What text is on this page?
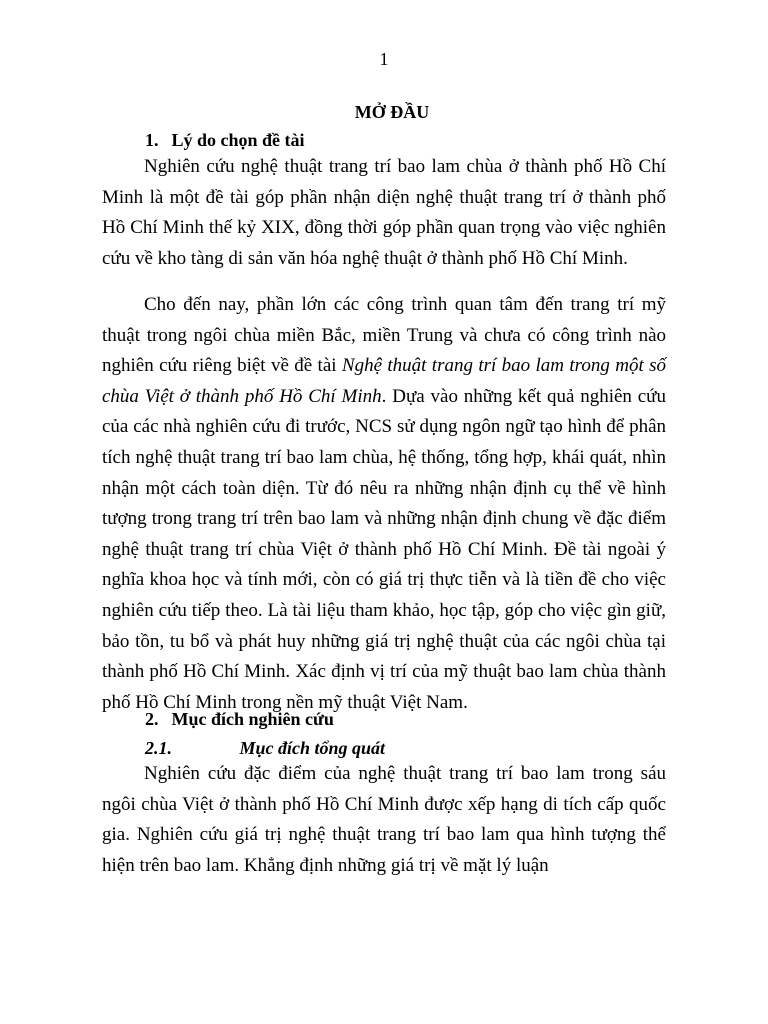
1
MỞ ĐẦU
1. Lý do chọn đề tài

Nghiên cứu nghệ thuật trang trí bao lam chùa ở thành phố Hồ Chí Minh là một đề tài góp phần nhận diện nghệ thuật trang trí ở thành phố Hồ Chí Minh thế kỷ XIX, đồng thời góp phần quan trọng vào việc nghiên cứu về kho tàng di sản văn hóa nghệ thuật ở thành phố Hồ Chí Minh.

Cho đến nay, phần lớn các công trình quan tâm đến trang trí mỹ thuật trong ngôi chùa miền Bắc, miền Trung và chưa có công trình nào nghiên cứu riêng biệt về đề tài Nghệ thuật trang trí bao lam trong một số chùa Việt ở thành phố Hồ Chí Minh. Dựa vào những kết quả nghiên cứu của các nhà nghiên cứu đi trước, NCS sử dụng ngôn ngữ tạo hình để phân tích nghệ thuật trang trí bao lam chùa, hệ thống, tổng hợp, khái quát, nhìn nhận một cách toàn diện. Từ đó nêu ra những nhận định cụ thể về hình tượng trong trang trí trên bao lam và những nhận định chung về đặc điểm nghệ thuật trang trí chùa Việt ở thành phố Hồ Chí Minh. Đề tài ngoài ý nghĩa khoa học và tính mới, còn có giá trị thực tiễn và là tiền đề cho việc nghiên cứu tiếp theo. Là tài liệu tham khảo, học tập, góp cho việc gìn giữ, bảo tồn, tu bổ và phát huy những giá trị nghệ thuật của các ngôi chùa tại thành phố Hồ Chí Minh. Xác định vị trí của mỹ thuật bao lam chùa thành phố Hồ Chí Minh trong nền mỹ thuật Việt Nam.

2. Mục đích nghiên cứu
2.1.	Mục đích tổng quát

Nghiên cứu đặc điểm của nghệ thuật trang trí bao lam trong sáu ngôi chùa Việt ở thành phố Hồ Chí Minh được xếp hạng di tích cấp quốc gia. Nghiên cứu giá trị nghệ thuật trang trí bao lam qua hình tượng thể hiện trên bao lam. Khẳng định những giá trị về mặt lý luận
